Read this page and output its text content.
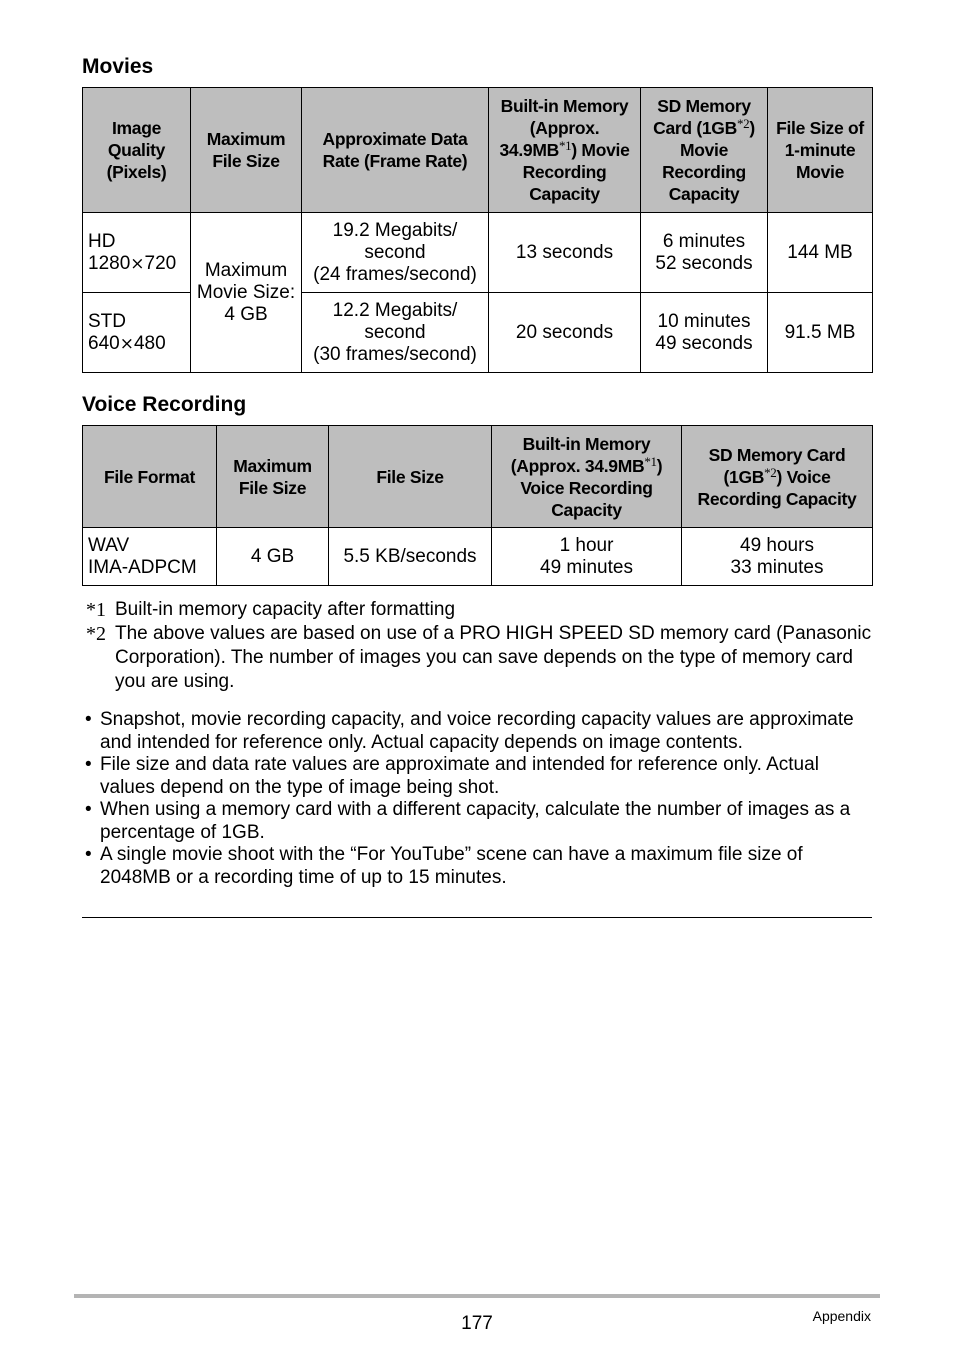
Movies
Image
Quality
(Pixels)	Maximum
File Size	Approximate Data
Rate (Frame Rate)	Built-in Memory
(Approx.
34.9MB$^{*1}$) Movie
Recording
Capacity	SD Memory
Card (1GB$^{*2}$)
Movie
Recording
Capacity	File Size of
1-minute
Movie

HD
1280×720	Maximum
Movie Size:
4 GB	19.2 Megabits/
second
(24 frames/second)	13 seconds	6 minutes
52 seconds	144 MB

STD
640×480		12.2 Megabits/
second
(30 frames/second)	20 seconds	10 minutes
49 seconds	91.5 MB
Voice Recording
File Format	Maximum
File Size	File Size	Built-in Memory
(Approx. 34.9MB$^{*1}$)
Voice Recording
Capacity	SD Memory Card
(1GB$^{*2}$) Voice
Recording Capacity

WAV
IMA-ADPCM	4 GB	5.5 KB/seconds	1 hour
49 minutes	49 hours
33 minutes
*1 Built-in memory capacity after formatting
*2 The above values are based on use of a PRO HIGH SPEED SD memory card (Panasonic Corporation). The number of images you can save depends on the type of memory card you are using.
• Snapshot, movie recording capacity, and voice recording capacity values are approximate and intended for reference only. Actual capacity depends on image contents.
• File size and data rate values are approximate and intended for reference only. Actual values depend on the type of image being shot.
• When using a memory card with a different capacity, calculate the number of images as a percentage of 1GB.
• A single movie shoot with the “For YouTube” scene can have a maximum file size of 2048MB or a recording time of up to 15 minutes.
177	Appendix
